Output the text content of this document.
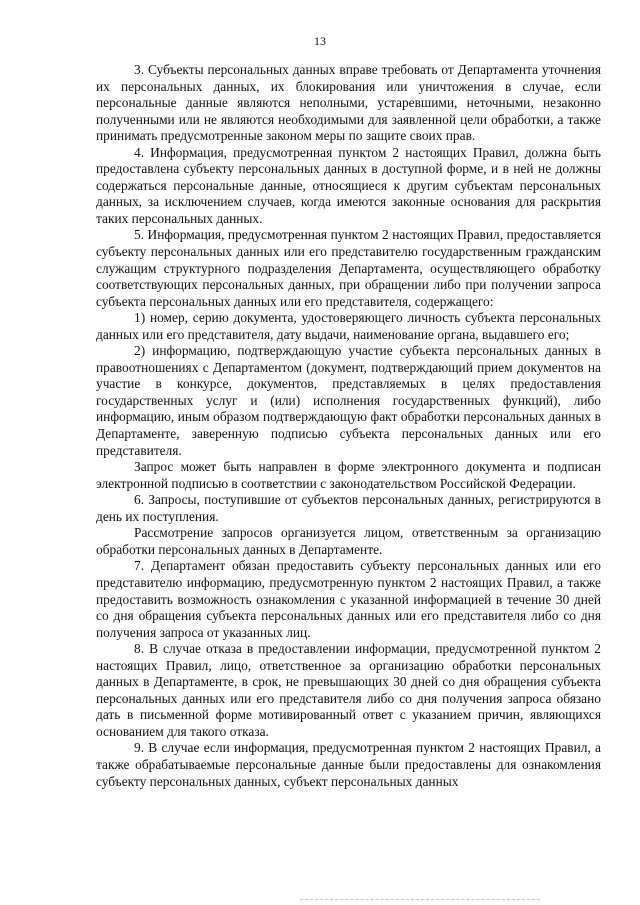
13

3. Субъекты персональных данных вправе требовать от Департамента уточнения их персональных данных, их блокирования или уничтожения в случае, если персональные данные являются неполными, устаревшими, неточными, незаконно полученными или не являются необходимыми для заявленной цели обработки, а также принимать предусмотренные законом меры по защите своих прав.

4. Информация, предусмотренная пунктом 2 настоящих Правил, должна быть предоставлена субъекту персональных данных в доступной форме, и в ней не должны содержаться персональные данные, относящиеся к другим субъектам персональных данных, за исключением случаев, когда имеются законные основания для раскрытия таких персональных данных.

5. Информация, предусмотренная пунктом 2 настоящих Правил, предоставляется субъекту персональных данных или его представителю государственным гражданским служащим структурного подразделения Департамента, осуществляющего обработку соответствующих персональных данных, при обращении либо при получении запроса субъекта персональных данных или его представителя, содержащего:

1) номер, серию документа, удостоверяющего личность субъекта персональных данных или его представителя, дату выдачи, наименование органа, выдавшего его;

2) информацию, подтверждающую участие субъекта персональных данных в правоотношениях с Департаментом (документ, подтверждающий прием документов на участие в конкурсе, документов, представляемых в целях предоставления государственных услуг и (или) исполнения государственных функций), либо информацию, иным образом подтверждающую факт обработки персональных данных в Департаменте, заверенную подписью субъекта персональных данных или его представителя.

Запрос может быть направлен в форме электронного документа и подписан электронной подписью в соответствии с законодательством Российской Федерации.

6. Запросы, поступившие от субъектов персональных данных, регистрируются в день их поступления.

Рассмотрение запросов организуется лицом, ответственным за организацию обработки персональных данных в Департаменте.

7. Департамент обязан предоставить субъекту персональных данных или его представителю информацию, предусмотренную пунктом 2 настоящих Правил, а также предоставить возможность ознакомления с указанной информацией в течение 30 дней со дня обращения субъекта персональных данных или его представителя либо со дня получения запроса от указанных лиц.

8. В случае отказа в предоставлении информации, предусмотренной пунктом 2 настоящих Правил, лицо, ответственное за организацию обработки персональных данных в Департаменте, в срок, не превышающих 30 дней со дня обращения субъекта персональных данных или его представителя либо со дня получения запроса обязано дать в письменной форме мотивированный ответ с указанием причин, являющихся основанием для такого отказа.

9. В случае если информация, предусмотренная пунктом 2 настоящих Правил, а также обрабатываемые персональные данные были предоставлены для ознакомления субъекту персональных данных, субъект персональных данных
